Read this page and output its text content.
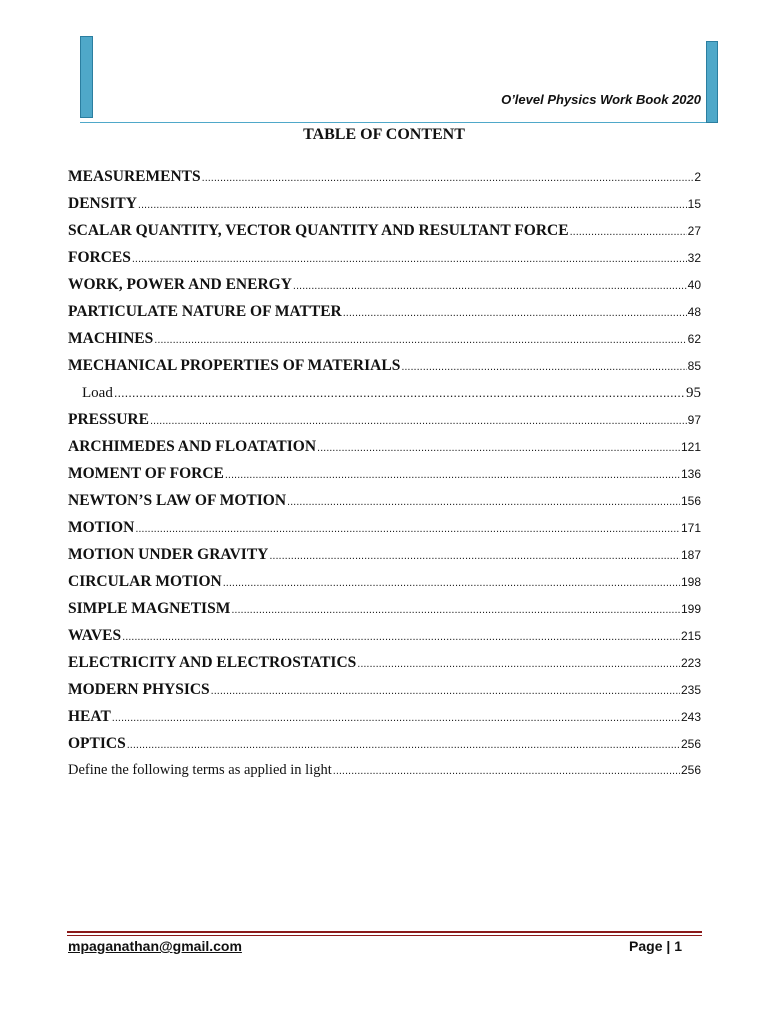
O’level Physics Work Book 2020
TABLE OF CONTENT
MEASUREMENTS .....	2
DENSITY .....	15
SCALAR QUANTITY, VECTOR QUANTITY AND RESULTANT FORCE .....	27
FORCES .....	32
WORK, POWER AND ENERGY .....	40
PARTICULATE NATURE OF MATTER .....	48
MACHINES .....	62
MECHANICAL PROPERTIES OF MATERIALS .....	85
Load .....	95
PRESSURE .....	97
ARCHIMEDES AND FLOATATION .....	121
MOMENT OF FORCE .....	136
NEWTON’S LAW OF MOTION .....	156
MOTION .....	171
MOTION UNDER GRAVITY .....	187
CIRCULAR MOTION .....	198
SIMPLE MAGNETISM .....	199
WAVES .....	215
ELECTRICITY AND ELECTROSTATICS .....	223
MODERN PHYSICS .....	235
HEAT .....	243
OPTICS .....	256
Define the following terms as applied in light .....	256
mpaganathan@gmail.com	Page | 1
